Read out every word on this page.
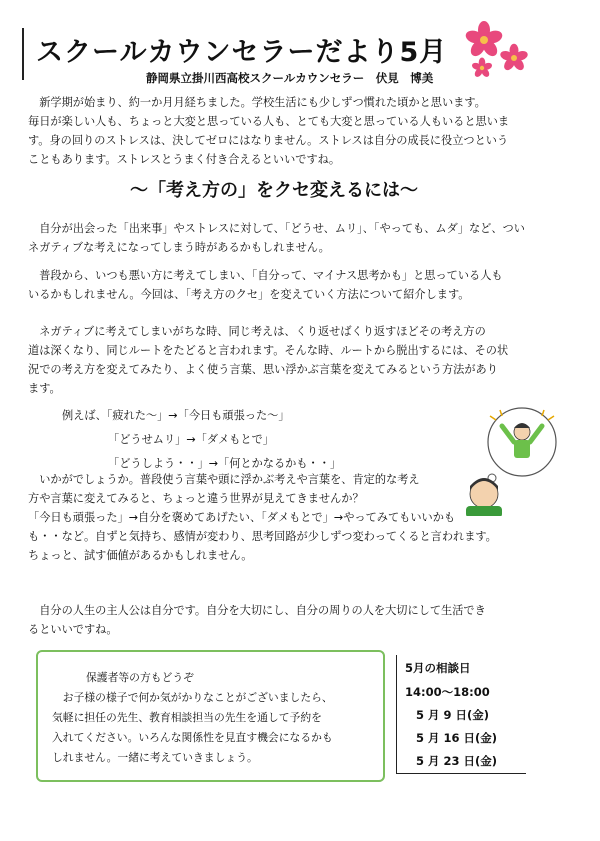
スクールカウンセラーだより5月
静岡県立掛川西高校スクールカウンセラー　伏見　博美
　新学期が始まり、約一か月月経ちました。学校生活にも少しずつ慣れた頃かと思います。
毎日が楽しい人も、ちょっと大変と思っている人も、とても大変と思っている人もいると思いま
す。身の回りのストレスは、決してゼロにはなりません。ストレスは自分の成長に役立つという
こともあります。ストレスとうまく付き合えるといいですね。
～「考え方の」をクセ変えるには～
　自分が出会った「出来事」やストレスに対して、「どうせ、ムリ」、「やっても、ムダ」など、つい
ネガティブな考えになってしまう時があるかもしれません。
　普段から、いつも悪い方に考えてしまい、「自分って、マイナス思考かも」と思っている人も
いるかもしれません。今回は、「考え方のクセ」を変えていく方法について紹介します。
　ネガティブに考えてしまいがちな時、同じ考えは、くり返せばくり返すほどその考え方の
道は深くなり、同じルートをたどると言われます。そんな時、ルートから脱出するには、その状
況での考え方を変えてみたり、よく使う言葉、思い浮かぶ言葉を変えてみるという方法があり
ます。
例えば、「疲れた～」→「今日も頑張った～」
「どうせムリ」→「ダメもとで」
「どうしよう・・」→「何とかなるかも・・」
　いかがでしょうか。普段使う言葉や頭に浮かぶ考えや言葉を、肯定的な考え
方や言葉に変えてみると、ちょっと違う世界が見えてきませんか？
「今日も頑張った」→自分を褒めてあげたい、「ダメもとで」→やってみてもいいかも
も・・など。自ずと気持ち、感情が変わり、思考回路が少しずつ変わってくると言われます。
ちょっと、試す価値があるかもしれません。
　自分の人生の主人公は自分です。自分を大切にし、自分の周りの人を大切にして生活でき
るといいですね。
保護者等の方もどうぞ
　お子様の様子で何か気がかりなことがございましたら、
気軽に担任の先生、教育相談担当の先生を通して予約を
入れてください。いろんな関係性を見直す機会になるかも
しれません。一緒に考えていきましょう。
5月の相談日
14:00～18:00
5 月 9 日(金)
5 月 16 日(金)
5 月 23 日(金)
